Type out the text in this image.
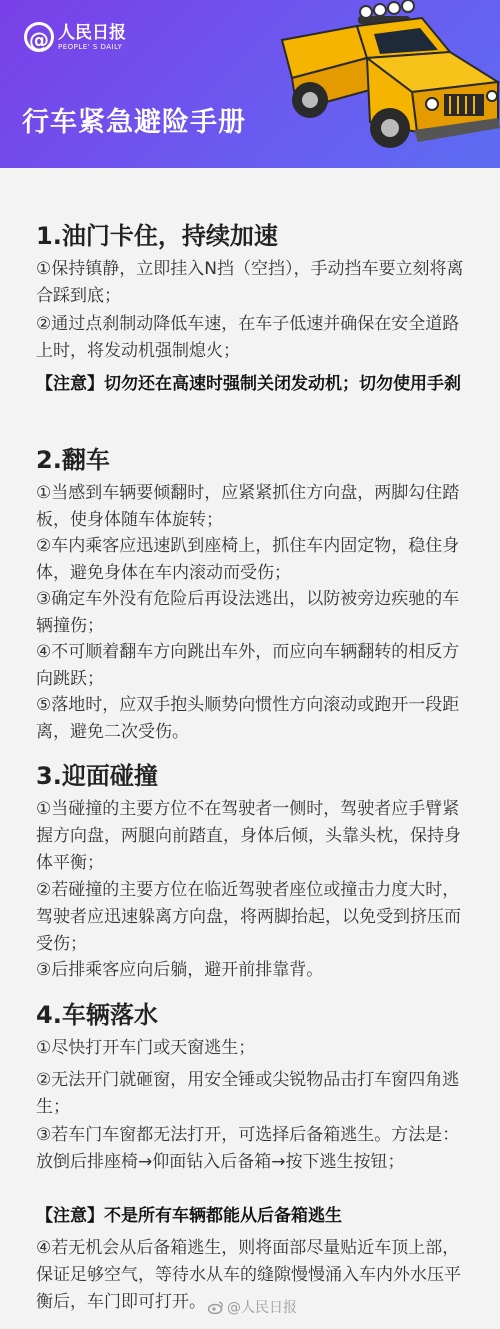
@ 人民日报
PEOPLE' S DAILY
行车紧急避险手册
1.油门卡住，持续加速

①保持镇静，立即挂入N挡（空挡），手动挡车要立刻将离合踩到底；

②通过点刹制动降低车速，在车子低速并确保在安全道路上时，将发动机强制熄火；

【注意】切勿还在高速时强制关闭发动机；切勿使用手刹

2.翻车

①当感到车辆要倾翻时，应紧紧抓住方向盘，两脚勾住踏板，使身体随车体旋转；

②车内乘客应迅速趴到座椅上，抓住车内固定物，稳住身体，避免身体在车内滚动而受伤；

③确定车外没有危险后再设法逃出，以防被旁边疾驰的车辆撞伤；

④不可顺着翻车方向跳出车外，而应向车辆翻转的相反方向跳跃；

⑤落地时，应双手抱头顺势向惯性方向滚动或跑开一段距离，避免二次受伤。

3.迎面碰撞

①当碰撞的主要方位不在驾驶者一侧时，驾驶者应手臂紧握方向盘，两腿向前踏直，身体后倾，头靠头枕，保持身体平衡；

②若碰撞的主要方位在临近驾驶者座位或撞击力度大时，驾驶者应迅速躲离方向盘，将两脚抬起，以免受到挤压而受伤；

③后排乘客应向后躺，避开前排靠背。

4.车辆落水

①尽快打开车门或天窗逃生；

②无法开门就砸窗，用安全锤或尖锐物品击打车窗四角逃生；

③若车门车窗都无法打开，可选择后备箱逃生。方法是：放倒后排座椅→仰面钻入后备箱→按下逃生按钮；

【注意】不是所有车辆都能从后备箱逃生

④若无机会从后备箱逃生，则将面部尽量贴近车顶上部，保证足够空气，等待水从车的缝隙慢慢涌入车内外水压平衡后，车门即可打开。	@人民日报
